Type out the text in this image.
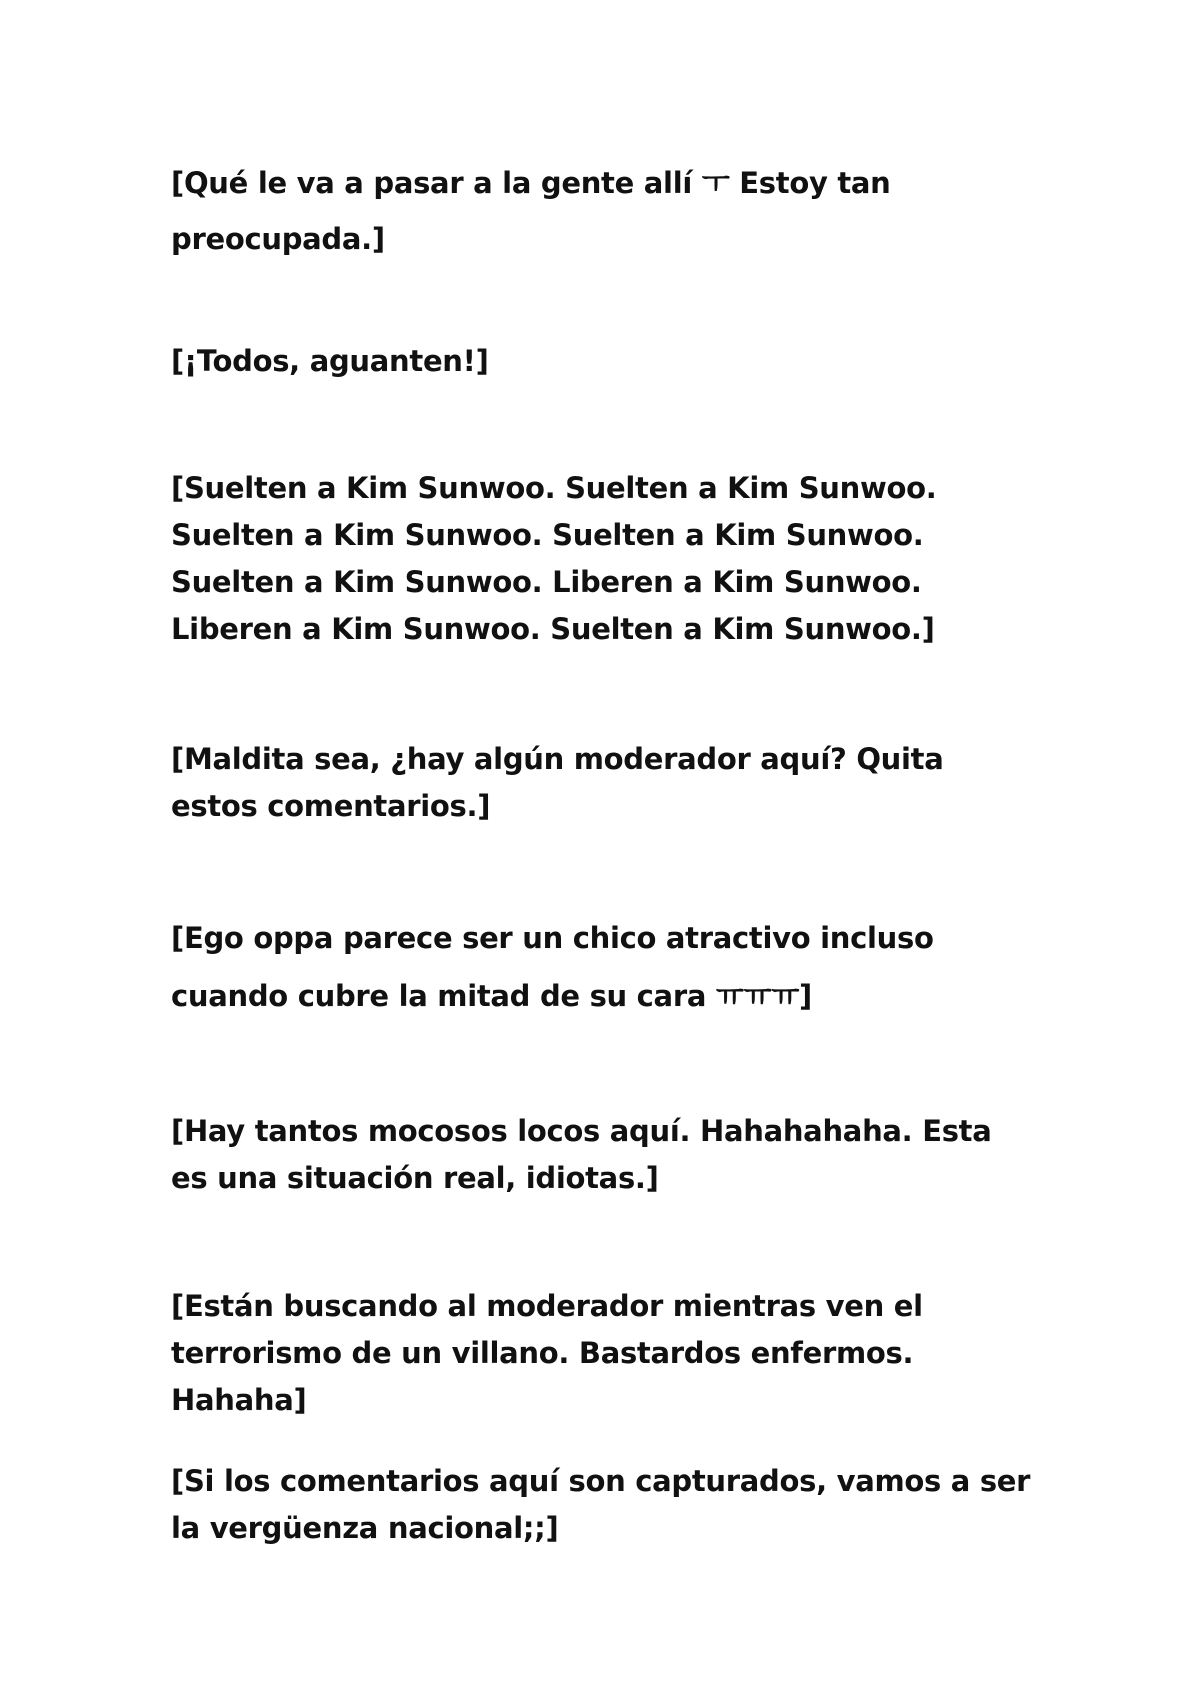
[Qué le va a pasar a la gente allí ㅜ Estoy tan preocupada.]

[¡Todos, aguanten!]

[Suelten a Kim Sunwoo. Suelten a Kim Sunwoo. Suelten a Kim Sunwoo. Suelten a Kim Sunwoo. Suelten a Kim Sunwoo. Liberen a Kim Sunwoo. Liberen a Kim Sunwoo. Suelten a Kim Sunwoo.]

[Maldita sea, ¿hay algún moderador aquí? Quita estos comentarios.]

[Ego oppa parece ser un chico atractivo incluso cuando cubre la mitad de su cara ㅠㅠㅠ]

[Hay tantos mocosos locos aquí. Hahahahaha. Esta es una situación real, idiotas.]

[Están buscando al moderador mientras ven el terrorismo de un villano. Bastardos enfermos. Hahaha]

[Si los comentarios aquí son capturados, vamos a ser la vergüenza nacional;;]
